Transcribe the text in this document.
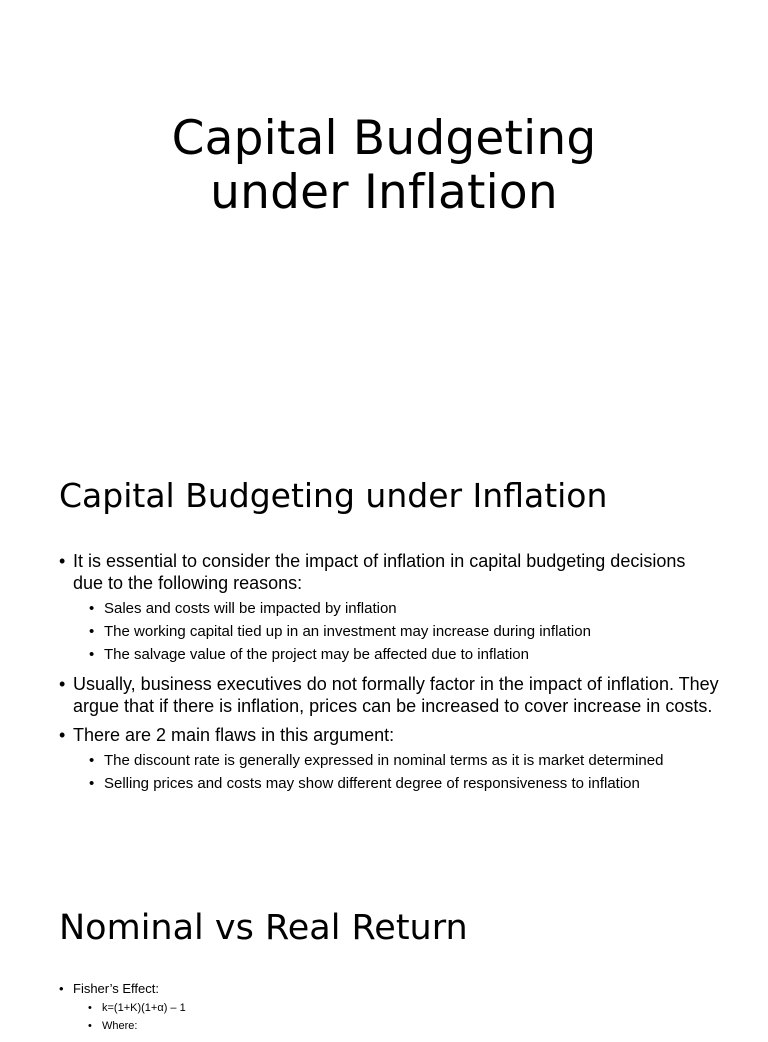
Capital Budgeting
under Inflation
Capital Budgeting under Inflation
• It is essential to consider the impact of inflation in capital budgeting decisions due to the following reasons:
• Sales and costs will be impacted by inflation
• The working capital tied up in an investment may increase during inflation
• The salvage value of the project may be affected due to inflation
• Usually, business executives do not formally factor in the impact of inflation. They argue that if there is inflation, prices can be increased to cover increase in costs.
• There are 2 main flaws in this argument:
• The discount rate is generally expressed in nominal terms as it is market determined
• Selling prices and costs may show different degree of responsiveness to inflation
Nominal vs Real Return
• Fisher’s Effect:
• k=(1+K)(1+α) – 1
• Where:
